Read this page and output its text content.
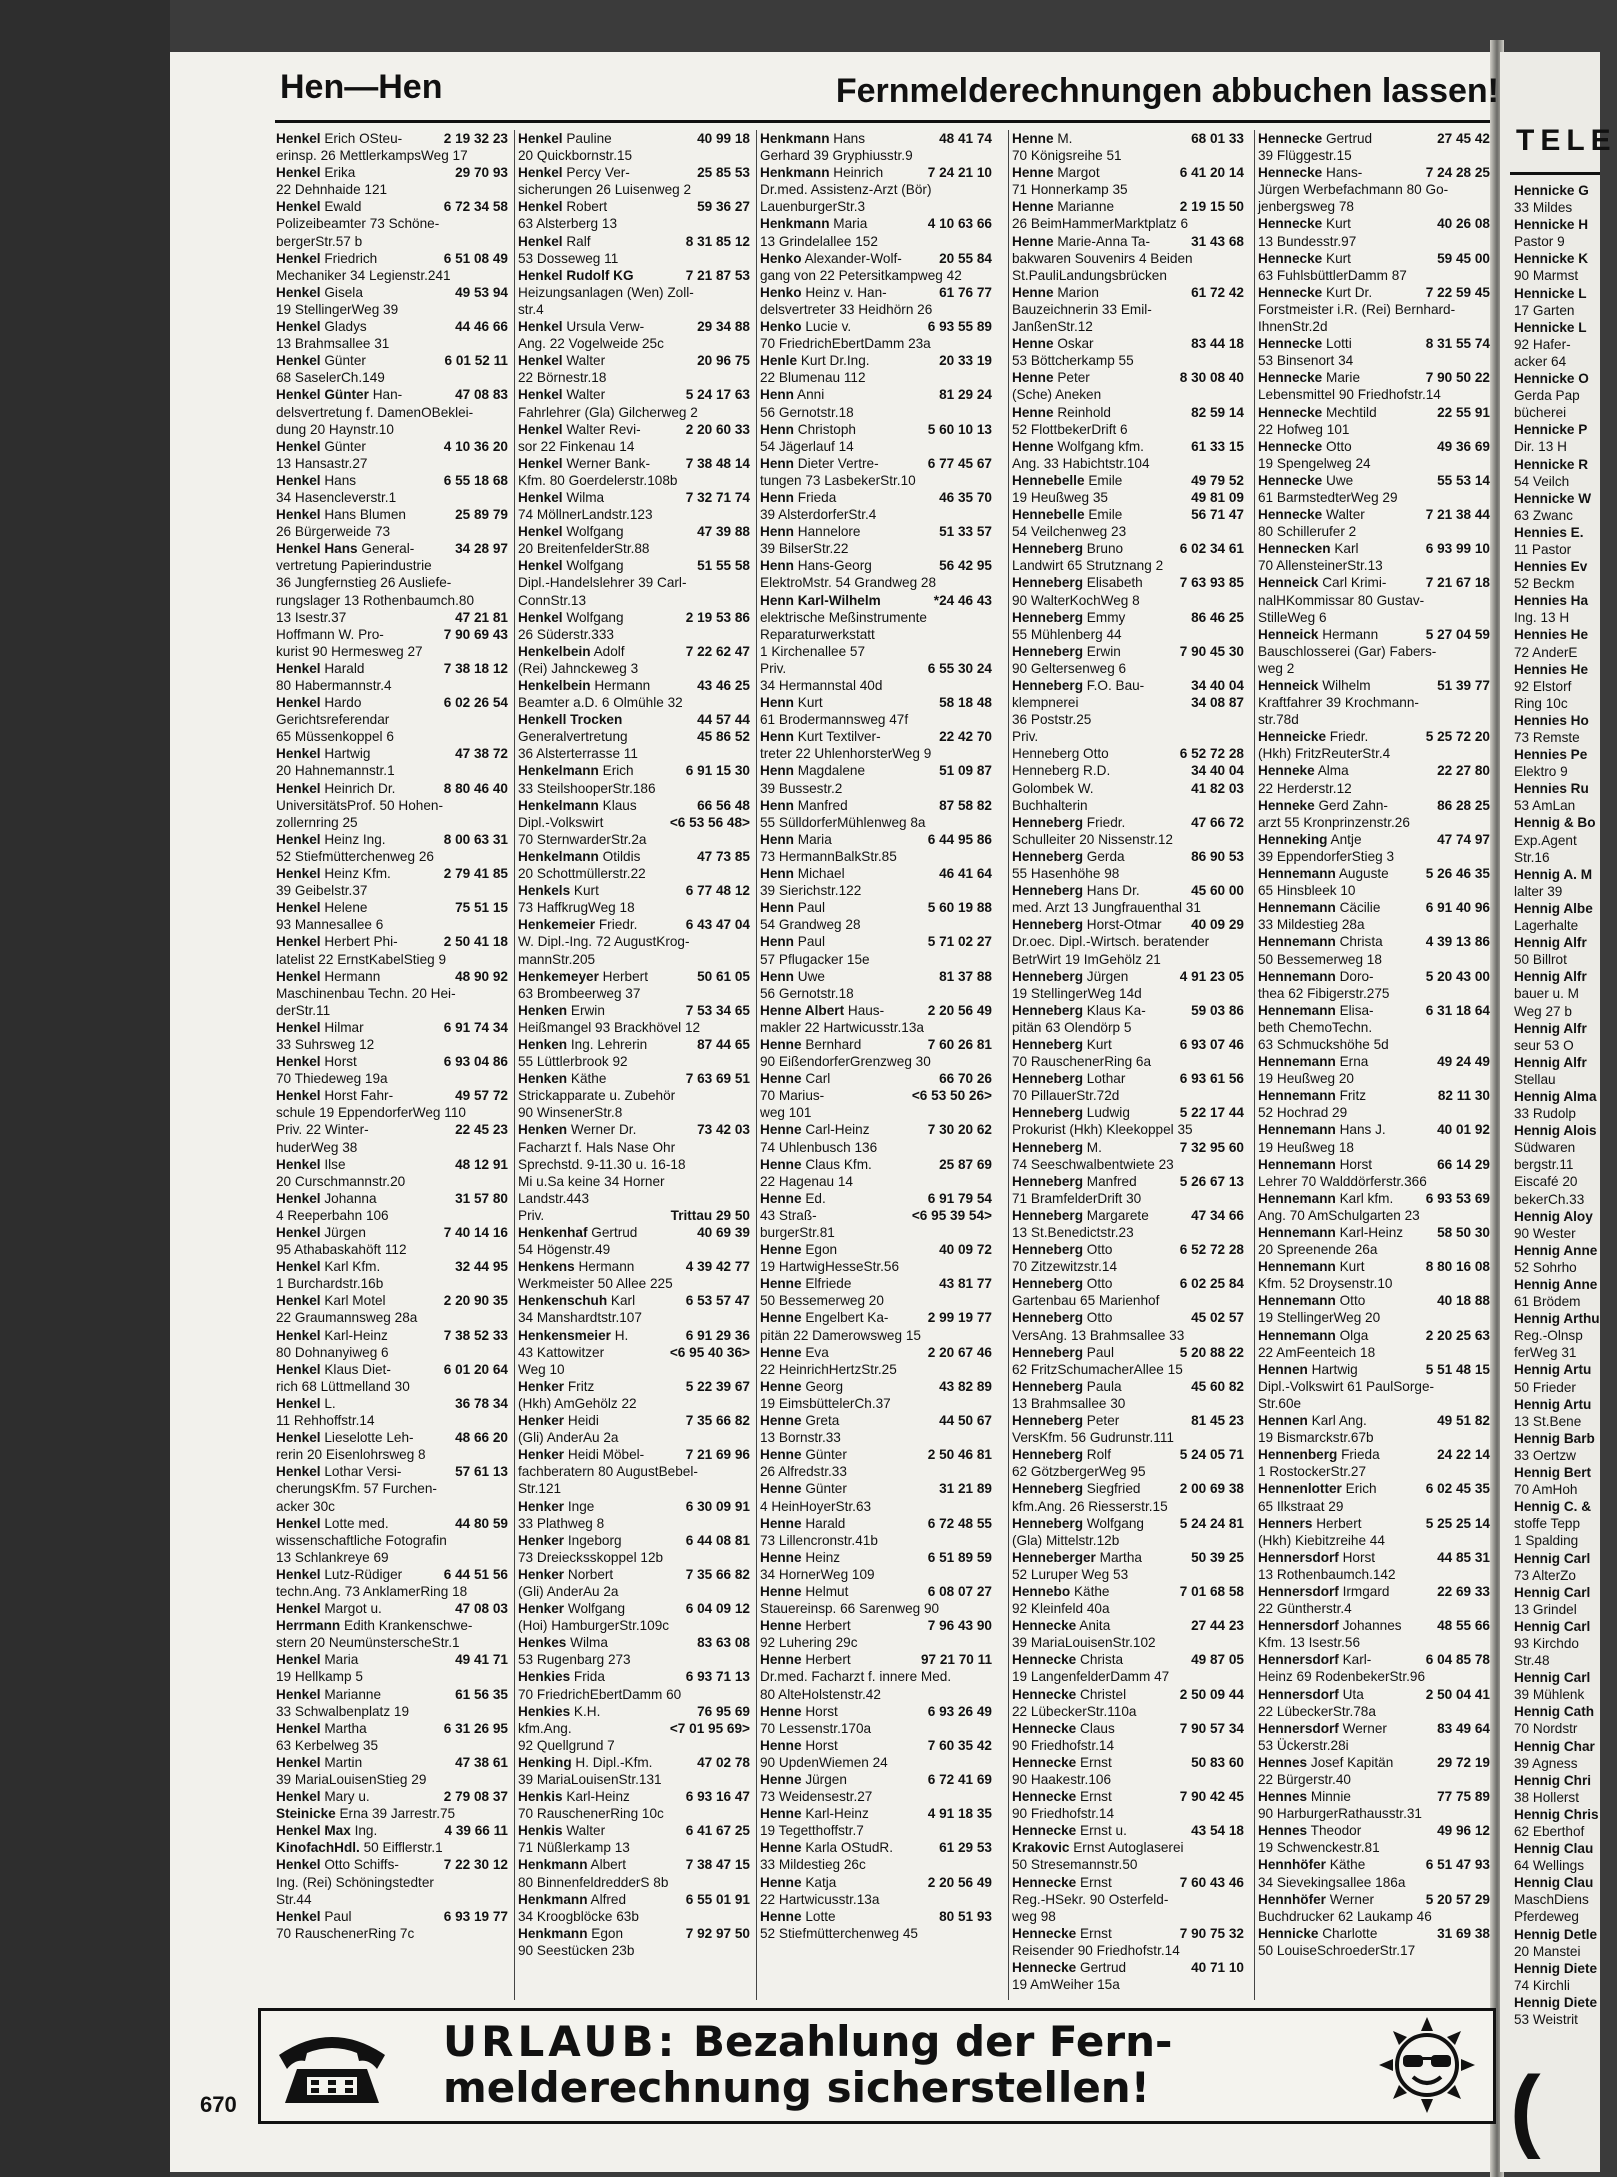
Hen—Hen	Fernmelderechnungen abbuchen lassen!
2 19 32 23
Henkel Erich OSteu-
erinsp. 26 MettlerkampsWeg 17
29 70 93
Henkel Erika
22 Dehnhaide 121
6 72 34 58
Henkel Ewald
Polizeibeamter 73 Schöne-
bergerStr.57 b
6 51 08 49
Henkel Friedrich
Mechaniker 34 Legienstr.241
49 53 94
Henkel Gisela
19 StellingerWeg 39
44 46 66
Henkel Gladys
13 Brahmsallee 31
6 01 52 11
Henkel Günter
68 SaselerCh.149
47 08 83
Henkel Günter Han-
delsvertretung f. DamenOBeklei-
dung 20 Haynstr.10
4 10 36 20
Henkel Günter
13 Hansastr.27
6 55 18 68
Henkel Hans
34 Hasencleverstr.1
25 89 79
Henkel Hans Blumen
26 Bürgerweide 73
34 28 97
Henkel Hans General-
vertretung Papierindustrie
36 Jungfernstieg 26 Ausliefe-
rungslager 13 Rothenbaumch.80
47 21 81
13 Isestr.37
7 90 69 43
Hoffmann W. Pro-
kurist 90 Hermesweg 27
7 38 18 12
Henkel Harald
80 Habermannstr.4
6 02 26 54
Henkel Hardo
Gerichtsreferendar
65 Müssenkoppel 6
47 38 72
Henkel Hartwig
20 Hahnemannstr.1
8 80 46 40
Henkel Heinrich Dr.
UniversitätsProf. 50 Hohen-
zollernring 25
8 00 63 31
Henkel Heinz Ing.
52 Stiefmütterchenweg 26
2 79 41 85
Henkel Heinz Kfm.
39 Geibelstr.37
75 51 15
Henkel Helene
93 Mannesallee 6
2 50 41 18
Henkel Herbert Phi-
latelist 22 ErnstKabelStieg 9
48 90 92
Henkel Hermann
Maschinenbau Techn. 20 Hei-
derStr.11
6 91 74 34
Henkel Hilmar
33 Suhrsweg 12
6 93 04 86
Henkel Horst
70 Thiedeweg 19a
49 57 72
Henkel Horst Fahr-
schule 19 EppendorferWeg 110
22 45 23
Priv. 22 Winter-
huderWeg 38
48 12 91
Henkel Ilse
20 Curschmannstr.20
31 57 80
Henkel Johanna
4 Reeperbahn 106
7 40 14 16
Henkel Jürgen
95 Athabaskahöft 112
32 44 95
Henkel Karl Kfm.
1 Burchardstr.16b
2 20 90 35
Henkel Karl Motel
22 Graumannsweg 28a
7 38 52 33
Henkel Karl-Heinz
80 Dohnanyiweg 6
6 01 20 64
Henkel Klaus Diet-
rich 68 Lüttmelland 30
36 78 34
Henkel L.
11 Rehhoffstr.14
48 66 20
Henkel Lieselotte Leh-
rerin 20 Eisenlohrsweg 8
57 61 13
Henkel Lothar Versi-
cherungsKfm. 57 Furchen-
acker 30c
44 80 59
Henkel Lotte med.
wissenschaftliche Fotografin
13 Schlankreye 69
6 44 51 56
Henkel Lutz-Rüdiger
techn.Ang. 73 AnklamerRing 18
47 08 03
Henkel Margot u.
Herrmann Edith Krankenschwe-
stern 20 NeumünsterscheStr.1
49 41 71
Henkel Maria
19 Hellkamp 5
61 56 35
Henkel Marianne
33 Schwalbenplatz 19
6 31 26 95
Henkel Martha
63 Kerbelweg 35
47 38 61
Henkel Martin
39 MariaLouisenStieg 29
2 79 08 37
Henkel Mary u.
Steinicke Erna 39 Jarrestr.75
4 39 66 11
Henkel Max Ing.
KinofachHdl. 50 Eifflerstr.1
7 22 30 12
Henkel Otto Schiffs-
Ing. (Rei) Schöningstedter
Str.44
6 93 19 77
Henkel Paul
70 RauschenerRing 7c
40 99 18
Henkel Pauline
20 Quickbornstr.15
25 85 53
Henkel Percy Ver-
sicherungen 26 Luisenweg 2
59 36 27
Henkel Robert
63 Alsterberg 13
8 31 85 12
Henkel Ralf
53 Dosseweg 11
7 21 87 53
Henkel Rudolf KG
Heizungsanlagen (Wen) Zoll-
str.4
29 34 88
Henkel Ursula Verw-
Ang. 22 Vogelweide 25c
20 96 75
Henkel Walter
22 Börnestr.18
5 24 17 63
Henkel Walter
Fahrlehrer (Gla) Gilcherweg 2
2 20 60 33
Henkel Walter Revi-
sor 22 Finkenau 14
7 38 48 14
Henkel Werner Bank-
Kfm. 80 Goerdelerstr.108b
7 32 71 74
Henkel Wilma
74 MöllnerLandstr.123
47 39 88
Henkel Wolfgang
20 BreitenfelderStr.88
51 55 58
Henkel Wolfgang
Dipl.-Handelslehrer 39 Carl-
ConnStr.13
2 19 53 86
Henkel Wolfgang
26 Süderstr.333
7 22 62 47
Henkelbein Adolf
(Rei) Jahnckeweg 3
43 46 25
Henkelbein Hermann
Beamter a.D. 6 Olmühle 32
44 57 44
Henkell Trocken
45 86 52
Generalvertretung
36 Alsterterrasse 11
6 91 15 30
Henkelmann Erich
33 SteilshooperStr.186
66 56 48
Henkelmann Klaus
<6 53 56 48>
Dipl.-Volkswirt
70 SternwarderStr.2a
47 73 85
Henkelmann Otildis
20 Schottmüllerstr.22
6 77 48 12
Henkels Kurt
73 HaffkrugWeg 18
6 43 47 04
Henkemeier Friedr.
W. Dipl.-Ing. 72 AugustKrog-
mannStr.205
50 61 05
Henkemeyer Herbert
63 Brombeerweg 37
7 53 34 65
Henken Erwin
Heißmangel 93 Brackhövel 12
87 44 65
Henken Ing. Lehrerin
55 Lüttlerbrook 92
7 63 69 51
Henken Käthe
Strickapparate u. Zubehör
90 WinsenerStr.8
73 42 03
Henken Werner Dr.
Facharzt f. Hals Nase Ohr
Sprechstd. 9-11.30 u. 16-18
Mi u.Sa keine 34 Horner
Landstr.443
Trittau 29 50
Priv.
40 69 39
Henkenhaf Gertrud
54 Högenstr.49
4 39 42 77
Henkens Hermann
Werkmeister 50 Allee 225
6 53 57 47
Henkenschuh Karl
34 Manshardtstr.107
6 91 29 36
Henkensmeier H.
<6 95 40 36>
43 Kattowitzer
Weg 10
5 22 39 67
Henker Fritz
(Hkh) AmGehölz 22
7 35 66 82
Henker Heidi
(Gli) AnderAu 2a
7 21 69 96
Henker Heidi Möbel-
fachberatern 80 AugustBebel-
Str.121
6 30 09 91
Henker Inge
33 Plathweg 8
6 44 08 81
Henker Ingeborg
73 Dreiecksskoppel 12b
7 35 66 82
Henker Norbert
(Gli) AnderAu 2a
6 04 09 12
Henker Wolfgang
(Hoi) HamburgerStr.109c
83 63 08
Henkes Wilma
53 Rugenbarg 273
6 93 71 13
Henkies Frida
70 FriedrichEbertDamm 60
76 95 69
Henkies K.H.
<7 01 95 69>
kfm.Ang.
92 Quellgrund 7
47 02 78
Henking H. Dipl.-Kfm.
39 MariaLouisenStr.131
6 93 16 47
Henkis Karl-Heinz
70 RauschenerRing 10c
6 41 67 25
Henkis Walter
71 Nüßlerkamp 13
7 38 47 15
Henkmann Albert
80 BinnenfeldredderS 8b
6 55 01 91
Henkmann Alfred
34 Kroogblöcke 63b
7 92 97 50
Henkmann Egon
90 Seestücken 23b
48 41 74
Henkmann Hans
Gerhard 39 Gryphiusstr.9
7 24 21 10
Henkmann Heinrich
Dr.med. Assistenz-Arzt (Bör)
LauenburgerStr.3
4 10 63 66
Henkmann Maria
13 Grindelallee 152
20 55 84
Henko Alexander-Wolf-
gang von 22 Petersitkampweg 42
61 76 77
Henko Heinz v. Han-
delsvertreter 33 Heidhörn 26
6 93 55 89
Henko Lucie v.
70 FriedrichEbertDamm 23a
20 33 19
Henle Kurt Dr.Ing.
22 Blumenau 112
81 29 24
Henn Anni
56 Gernotstr.18
5 60 10 13
Henn Christoph
54 Jägerlauf 14
6 77 45 67
Henn Dieter Vertre-
tungen 73 LasbekerStr.10
46 35 70
Henn Frieda
39 AlsterdorferStr.4
51 33 57
Henn Hannelore
39 BilserStr.22
56 42 95
Henn Hans-Georg
ElektroMstr. 54 Grandweg 28
*24 46 43
Henn Karl-Wilhelm
elektrische Meßinstrumente
Reparaturwerkstatt
1 Kirchenallee 57
6 55 30 24
Priv.
34 Hermannstal 40d
58 18 48
Henn Kurt
61 Brodermannsweg 47f
22 42 70
Henn Kurt Textilver-
treter 22 UhlenhorsterWeg 9
51 09 87
Henn Magdalene
39 Bussestr.2
87 58 82
Henn Manfred
55 SülldorferMühlenweg 8a
6 44 95 86
Henn Maria
73 HermannBalkStr.85
46 41 64
Henn Michael
39 Sierichstr.122
5 60 19 88
Henn Paul
54 Grandweg 28
5 71 02 27
Henn Paul
57 Pflugacker 15e
81 37 88
Henn Uwe
56 Gernotstr.18
2 20 56 49
Henne Albert Haus-
makler 22 Hartwicusstr.13a
7 60 26 81
Henne Bernhard
90 EißendorferGrenzweg 30
66 70 26
Henne Carl
<6 53 50 26>
70 Marius-
weg 101
7 30 20 62
Henne Carl-Heinz
74 Uhlenbusch 136
25 87 69
Henne Claus Kfm.
22 Hagenau 14
6 91 79 54
Henne Ed.
<6 95 39 54>
43 Straß-
burgerStr.81
40 09 72
Henne Egon
19 HartwigHesseStr.56
43 81 77
Henne Elfriede
50 Bessemerweg 20
2 99 19 77
Henne Engelbert Ka-
pitän 22 Damerowsweg 15
2 20 67 46
Henne Eva
22 HeinrichHertzStr.25
43 82 89
Henne Georg
19 EimsbüttelerCh.37
44 50 67
Henne Greta
13 Bornstr.33
2 50 46 81
Henne Günter
26 Alfredstr.33
31 21 89
Henne Günter
4 HeinHoyerStr.63
6 72 48 55
Henne Harald
73 Lillencronstr.41b
6 51 89 59
Henne Heinz
34 HornerWeg 109
6 08 07 27
Henne Helmut
Stauereinsp. 66 Sarenweg 90
7 96 43 90
Henne Herbert
92 Luhering 29c
97 21 70 11
Henne Herbert
Dr.med. Facharzt f. innere Med.
80 AlteHolstenstr.42
6 93 26 49
Henne Horst
70 Lessenstr.170a
7 60 35 42
Henne Horst
90 UpdenWiemen 24
6 72 41 69
Henne Jürgen
73 Weidensestr.27
4 91 18 35
Henne Karl-Heinz
19 Tegetthoffstr.7
61 29 53
Henne Karla OStudR.
33 Mildestieg 26c
2 20 56 49
Henne Katja
22 Hartwicusstr.13a
80 51 93
Henne Lotte
52 Stiefmütterchenweg 45
68 01 33
Henne M.
70 Königsreihe 51
6 41 20 14
Henne Margot
71 Honnerkamp 35
2 19 15 50
Henne Marianne
26 BeimHammerMarktplatz 6
31 43 68
Henne Marie-Anna Ta-
bakwaren Souvenirs 4 Beiden
St.PauliLandungsbrücken
61 72 42
Henne Marion
Bauzeichnerin 33 Emil-
JanßenStr.12
83 44 18
Henne Oskar
53 Böttcherkamp 55
8 30 08 40
Henne Peter
(Sche) Aneken
82 59 14
Henne Reinhold
52 FlottbekerDrift 6
61 33 15
Henne Wolfgang kfm.
Ang. 33 Habichtstr.104
49 79 52
Hennebelle Emile
49 81 09
19 Heußweg 35
56 71 47
Hennebelle Emile
54 Veilchenweg 23
6 02 34 61
Henneberg Bruno
Landwirt 65 Strutznang 2
7 63 93 85
Henneberg Elisabeth
90 WalterKochWeg 8
86 46 25
Henneberg Emmy
55 Mühlenberg 44
7 90 45 30
Henneberg Erwin
90 Geltersenweg 6
34 40 04
Henneberg F.O. Bau-
34 08 87
klempnerei
36 Poststr.25
Priv.
6 52 72 28
Henneberg Otto
34 40 04
Henneberg R.D.
41 82 03
Golombek W.
Buchhalterin
47 66 72
Henneberg Friedr.
Schulleiter 20 Nissenstr.12
86 90 53
Henneberg Gerda
55 Hasenhöhe 98
45 60 00
Henneberg Hans Dr.
med. Arzt 13 Jungfrauenthal 31
40 09 29
Henneberg Horst-Otmar
Dr.oec. Dipl.-Wirtsch. beratender
BetrWirt 19 ImGehölz 21
4 91 23 05
Henneberg Jürgen
19 StellingerWeg 14d
59 03 86
Henneberg Klaus Ka-
pitän 63 Olendörp 5
6 93 07 46
Henneberg Kurt
70 RauschenerRing 6a
6 93 61 56
Henneberg Lothar
70 PillauerStr.72d
5 22 17 44
Henneberg Ludwig
Prokurist (Hkh) Kleekoppel 35
7 32 95 60
Henneberg M.
74 Seeschwalbentwiete 23
5 26 67 13
Henneberg Manfred
71 BramfelderDrift 30
47 34 66
Henneberg Margarete
13 St.Benedictstr.23
6 52 72 28
Henneberg Otto
70 Zitzewitzstr.14
6 02 25 84
Henneberg Otto
Gartenbau 65 Marienhof
45 02 57
Henneberg Otto
VersAng. 13 Brahmsallee 33
5 20 88 22
Henneberg Paul
62 FritzSchumacherAllee 15
45 60 82
Henneberg Paula
13 Brahmsallee 30
81 45 23
Henneberg Peter
VersKfm. 56 Gudrunstr.111
5 24 05 71
Henneberg Rolf
62 GötzbergerWeg 95
2 00 69 38
Henneberg Siegfried
kfm.Ang. 26 Riesserstr.15
5 24 24 81
Henneberg Wolfgang
(Gla) Mittelstr.12b
50 39 25
Henneberger Martha
52 Luruper Weg 53
7 01 68 58
Hennebo Käthe
92 Kleinfeld 40a
27 44 23
Hennecke Anita
39 MariaLouisenStr.102
49 87 05
Hennecke Christa
19 LangenfelderDamm 47
2 50 09 44
Hennecke Christel
22 LübeckerStr.110a
7 90 57 34
Hennecke Claus
90 Friedhofstr.14
50 83 60
Hennecke Ernst
90 Haakestr.106
7 90 42 45
Hennecke Ernst
90 Friedhofstr.14
43 54 18
Hennecke Ernst u.
Krakovic Ernst Autoglaserei
50 Stresemannstr.50
7 60 43 46
Hennecke Ernst
Reg.-HSekr. 90 Osterfeld-
weg 98
7 90 75 32
Hennecke Ernst
Reisender 90 Friedhofstr.14
40 71 10
Hennecke Gertrud
19 AmWeiher 15a
27 45 42
Hennecke Gertrud
39 Flüggestr.15
7 24 28 25
Hennecke Hans-
Jürgen Werbefachmann 80 Go-
jenbergsweg 78
40 26 08
Hennecke Kurt
13 Bundesstr.97
59 45 00
Hennecke Kurt
63 FuhlsbüttlerDamm 87
7 22 59 45
Hennecke Kurt Dr.
Forstmeister i.R. (Rei) Bernhard-
IhnenStr.2d
8 31 55 74
Hennecke Lotti
53 Binsenort 34
7 90 50 22
Hennecke Marie
Lebensmittel 90 Friedhofstr.14
22 55 91
Hennecke Mechtild
22 Hofweg 101
49 36 69
Hennecke Otto
19 Spengelweg 24
55 53 14
Hennecke Uwe
61 BarmstedterWeg 29
7 21 38 44
Hennecke Walter
80 Schillerufer 2
6 93 99 10
Hennecken Karl
70 AllensteinerStr.13
7 21 67 18
Henneick Carl Krimi-
nalHKommissar 80 Gustav-
StilleWeg 6
5 27 04 59
Henneick Hermann
Bauschlosserei (Gar) Fabers-
weg 2
51 39 77
Henneick Wilhelm
Kraftfahrer 39 Krochmann-
str.78d
5 25 72 20
Henneicke Friedr.
(Hkh) FritzReuterStr.4
22 27 80
Henneke Alma
22 Herderstr.12
86 28 25
Henneke Gerd Zahn-
arzt 55 Kronprinzenstr.26
47 74 97
Henneking Antje
39 EppendorferStieg 3
5 26 46 35
Hennemann Auguste
65 Hinsbleek 10
6 91 40 96
Hennemann Cäcilie
33 Mildestieg 28a
4 39 13 86
Hennemann Christa
50 Bessemerweg 18
5 20 43 00
Hennemann Doro-
thea 62 Fibigerstr.275
6 31 18 64
Hennemann Elisa-
beth ChemoTechn.
63 Schmuckshöhe 5d
49 24 49
Hennemann Erna
19 Heußweg 20
82 11 30
Hennemann Fritz
52 Hochrad 29
40 01 92
Hennemann Hans J.
19 Heußweg 18
66 14 29
Hennemann Horst
Lehrer 70 Walddörferstr.366
6 93 53 69
Hennemann Karl kfm.
Ang. 70 AmSchulgarten 23
58 50 30
Hennemann Karl-Heinz
20 Spreenende 26a
8 80 16 08
Hennemann Kurt
Kfm. 52 Droysenstr.10
40 18 88
Hennemann Otto
19 StellingerWeg 20
2 20 25 63
Hennemann Olga
22 AmFeenteich 18
5 51 48 15
Hennen Hartwig
Dipl.-Volkswirt 61 PaulSorge-
Str.60e
49 51 82
Hennen Karl Ang.
19 Bismarckstr.67b
24 22 14
Hennenberg Frieda
1 RostockerStr.27
6 02 45 35
Hennenlotter Erich
65 Ilkstraat 29
5 25 25 14
Henners Herbert
(Hkh) Kiebitzreihe 44
44 85 31
Hennersdorf Horst
13 Rothenbaumch.142
22 69 33
Hennersdorf Irmgard
22 Güntherstr.4
48 55 66
Hennersdorf Johannes
Kfm. 13 Isestr.56
6 04 85 78
Hennersdorf Karl-
Heinz 69 RodenbekerStr.96
2 50 04 41
Hennersdorf Uta
22 LübeckerStr.78a
83 49 64
Hennersdorf Werner
53 Ückerstr.28i
29 72 19
Hennes Josef Kapitän
22 Bürgerstr.40
77 75 89
Hennes Minnie
90 HarburgerRathausstr.31
49 96 12
Hennes Theodor
19 Schwenckestr.81
6 51 47 93
Hennhöfer Käthe
34 Sievekingsallee 186a
5 20 57 29
Hennhöfer Werner
Buchdrucker 62 Laukamp 46
31 69 38
Hennicke Charlotte
50 LouiseSchroederStr.17
TELE
Hennicke G
33 Mildes
Hennicke H
Pastor 9
Hennicke K
90 Marmst
Hennicke L
17 Garten
Hennicke L
92 Hafer-
acker 64
Hennicke O
Gerda Pap
bücherei
Hennicke P
Dir. 13 H
Hennicke R
54 Veilch
Hennicke W
63 Zwanc
Hennies E.
11 Pastor
Hennies Ev
52 Beckm
Hennies Ha
Ing. 13 H
Hennies He
72 AnderE
Hennies He
92 Elstorf
Ring 10c
Hennies Ho
73 Remste
Hennies Pe
Elektro 9
Hennies Ru
53 AmLan
Hennig & Bo
Exp.Agent
Str.16
Hennig A. M
lalter 39
Hennig Albe
Lagerhalte
Hennig Alfr
50 Billrot
Hennig Alfr
bauer u. M
Weg 27 b
Hennig Alfr
seur 53 O
Hennig Alfr
Stellau
Hennig Alma
33 Rudolp
Hennig Alois
Südwaren
bergstr.11
Eiscafé 20
bekerCh.33
Hennig Aloy
90 Wester
Hennig Anne
52 Sohrho
Hennig Anne
61 Brödem
Hennig Arthu
Reg.-Olnsp
ferWeg 31
Hennig Artu
50 Frieder
Hennig Artu
13 St.Bene
Hennig Barb
33 Oertzw
Hennig Bert
70 AmHoh
Hennig C. &
stoffe Tepp
1 Spalding
Hennig Carl
73 AlterZo
Hennig Carl
13 Grindel
Hennig Carl
93 Kirchdo
Str.48
Hennig Carl
39 Mühlenk
Hennig Cath
70 Nordstr
Hennig Char
39 Agness
Hennig Chri
38 Hollerst
Hennig Chris
62 Eberthof
Hennig Clau
64 Wellings
Hennig Clau
MaschDiens
Pferdeweg
Hennig Detle
20 Manstei
Hennig Diete
74 Kirchli
Hennig Diete
53 Weistrit
(
URLAUB: Bezahlung der Fern-
melderechnung sicherstellen!
670
